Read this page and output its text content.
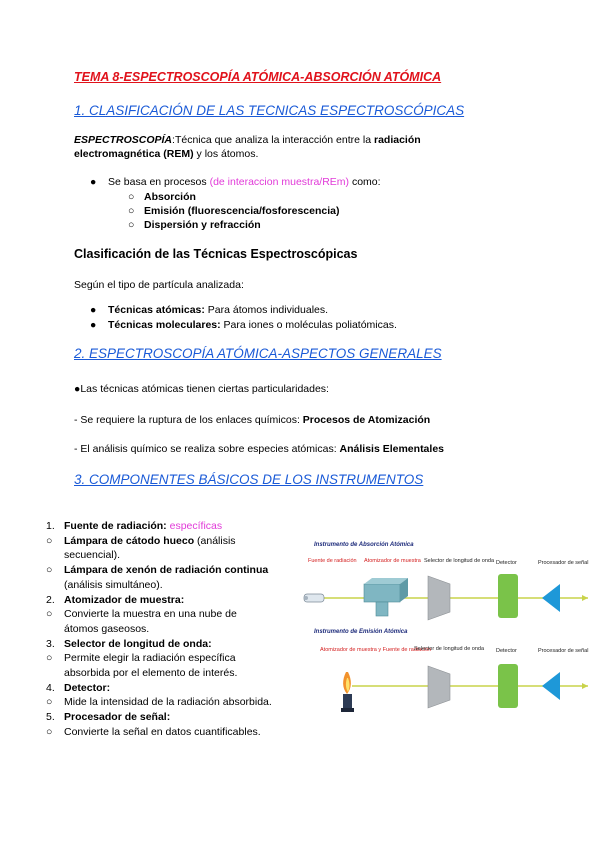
TEMA 8-ESPECTROSCOPÍA ATÓMICA-ABSORCIÓN ATÓMICA
1. CLASIFICACIÓN DE LAS TECNICAS ESPECTROSCÓPICAS
ESPECTROSCOPÍA:Técnica que analiza la interacción entre la radiación
electromagnética (REM) y los átomos.
● Se basa en procesos (de interaccion muestra/REm) como:
○ Absorción
○ Emisión (fluorescencia/fosforescencia)
○ Dispersión y refracción
Clasificación de las Técnicas Espectroscópicas
Según el tipo de partícula analizada:
●	Técnicas atómicas: Para átomos individuales.
●	Técnicas moleculares: Para iones o moléculas poliatómicas.
2. ESPECTROSCOPÍA ATÓMICA-ASPECTOS GENERALES
●Las técnicas atómicas tienen ciertas particularidades:
- Se requiere la ruptura de los enlaces químicos: Procesos de Atomización
- El análisis químico se realiza sobre especies atómicas: Análisis Elementales
3. COMPONENTES BÁSICOS DE LOS INSTRUMENTOS
1. Fuente de radiación:
específicas
○	Lámpara de cátodo hueco (análisis
secuencial).
○	Lámpara de xenón de radiación continua
(análisis simultáneo).
2. Atomizador de muestra:
○	Convierte la muestra en una nube de
átomos gaseosos.
3. Selector de longitud de onda:
○	Permite elegir la radiación específica
absorbida por el elemento de interés.
4. Detector:
○	Mide la intensidad de la radiación absorbida.
5. Procesador de señal:
○	Convierte la señal en datos cuantificables.
Instrumento de Absorción Atómica
Fuente de radiación Atomizador de muestra Selector de longitud de onda Detector	Procesador de señal
Instrumento de Emisión Atómica
Atomizador de muestra y Fuente de radiación
Selector de longitud de onda Detector	Procesador de señal
